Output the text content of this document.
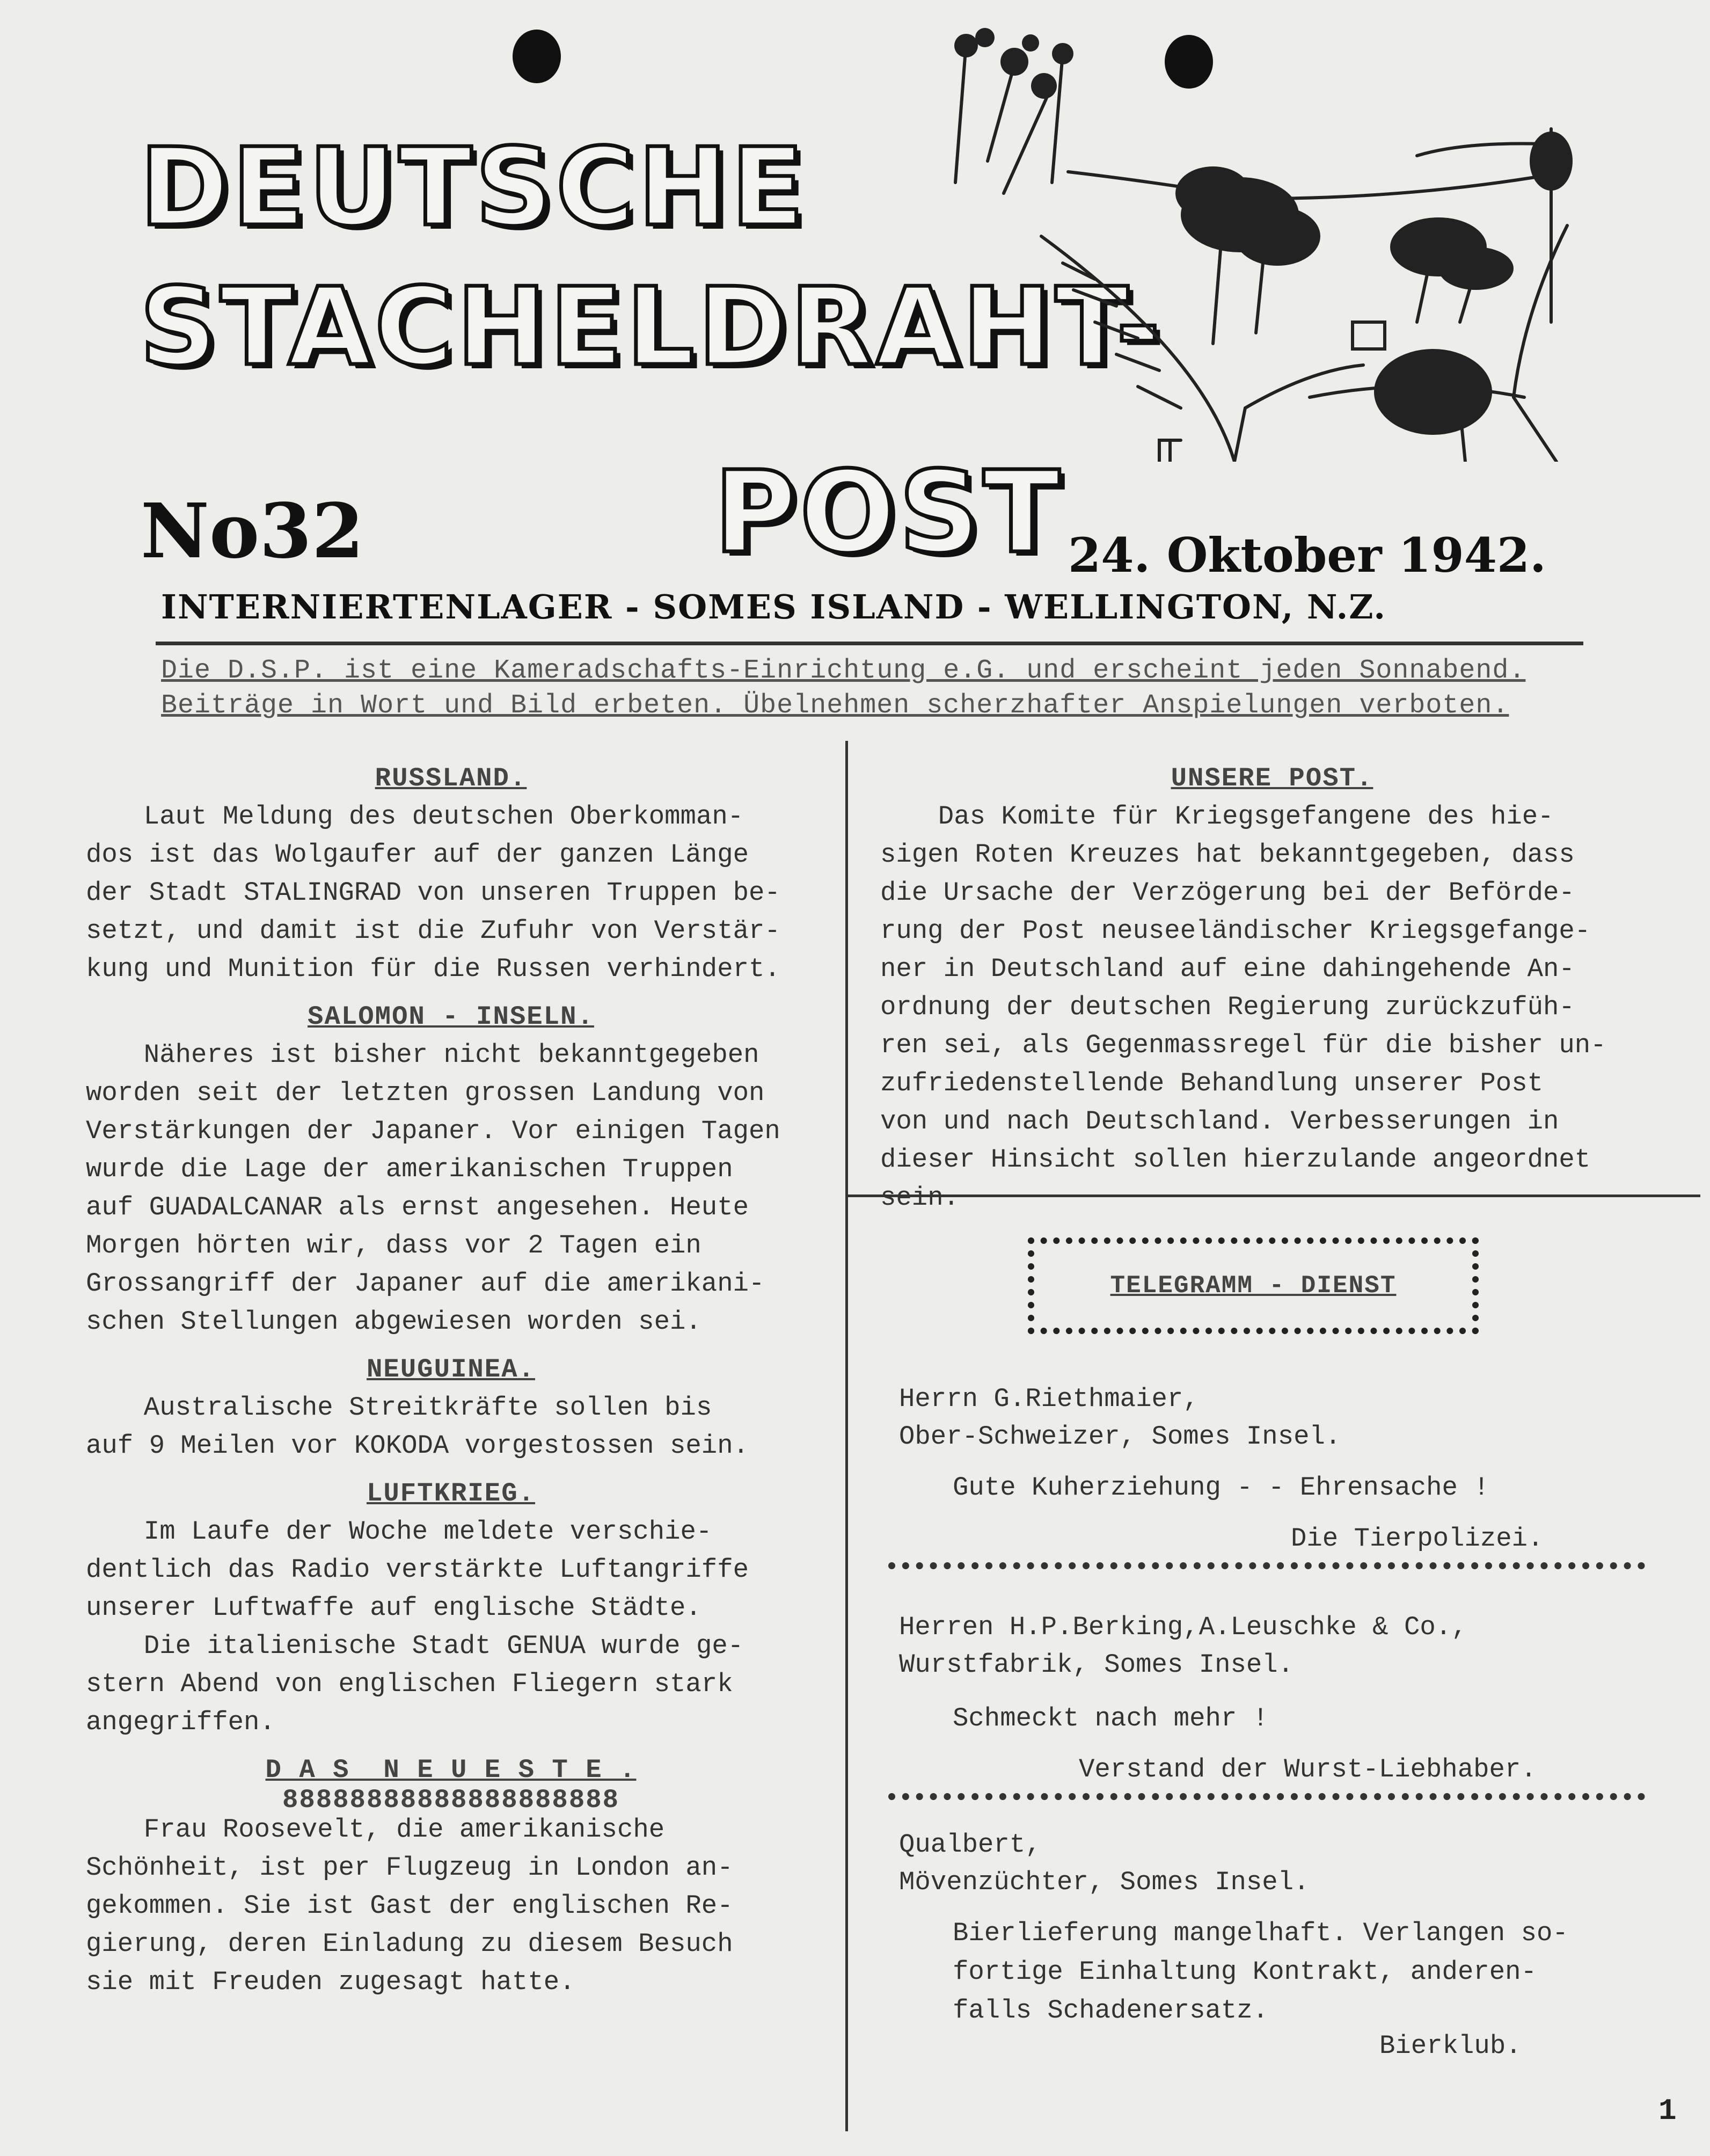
DEUTSCHE
STACHELDRAHT-
POST
No32	24. Oktober 1942.
INTERNIERTENLAGER - SOMES ISLAND - WELLINGTON, N.Z.
Die D.S.P. ist eine Kameradschafts-Einrichtung e.G. und erscheint jeden Sonnabend.
Beiträge in Wort und Bild erbeten. Übelnehmen scherzhafter Anspielungen verboten.

RUSSLAND.

Laut Meldung des deutschen Oberkomman-
dos ist das Wolgaufer auf der ganzen Länge
der Stadt STALINGRAD von unseren Truppen be-
setzt, und damit ist die Zufuhr von Verstär-
kung und Munition für die Russen verhindert.

SALOMON - INSELN.

Näheres ist bisher nicht bekanntgegeben
worden seit der letzten grossen Landung von
Verstärkungen der Japaner. Vor einigen Tagen
wurde die Lage der amerikanischen Truppen
auf GUADALCANAR als ernst angesehen. Heute
Morgen hörten wir, dass vor 2 Tagen ein
Grossangriff der Japaner auf die amerikani-
schen Stellungen abgewiesen worden sei.

NEUGUINEA.

Australische Streitkräfte sollen bis
auf 9 Meilen vor KOKODA vorgestossen sein.

LUFTKRIEG.

Im Laufe der Woche meldete verschie-
dentlich das Radio verstärkte Luftangriffe
unserer Luftwaffe auf englische Städte.

Die italienische Stadt GENUA wurde ge-
stern Abend von englischen Fliegern stark
angegriffen.

D A S  N E U E S T E .

88888888888888888888

Frau Roosevelt, die amerikanische
Schönheit, ist per Flugzeug in London an-
gekommen. Sie ist Gast der englischen Re-
gierung, deren Einladung zu diesem Besuch
sie mit Freuden zugesagt hatte.

UNSERE POST.

Das Komite für Kriegsgefangene des hie-
sigen Roten Kreuzes hat bekanntgegeben, dass
die Ursache der Verzögerung bei der Beförde-
rung der Post neuseeländischer Kriegsgefange-
ner in Deutschland auf eine dahingehende An-
ordnung der deutschen Regierung zurückzufüh-
ren sei, als Gegenmassregel für die bisher un-
zufriedenstellende Behandlung unserer Post
von und nach Deutschland. Verbesserungen in
dieser Hinsicht sollen hierzulande angeordnet
sein.

TELEGRAMM - DIENST
Herrn G.Riethmaier,
Ober-Schweizer, Somes Insel.
Gute Kuherziehung - - Ehrensache !
Die Tierpolizei.
Herren H.P.Berking,A.Leuschke & Co.,
Wurstfabrik, Somes Insel.
Schmeckt nach mehr !
Verstand der Wurst-Liebhaber.
Qualbert,
Mövenzüchter, Somes Insel.
Bierlieferung mangelhaft. Verlangen so-
fortige Einhaltung Kontrakt, anderen-
falls Schadenersatz.
Bierklub.
1
